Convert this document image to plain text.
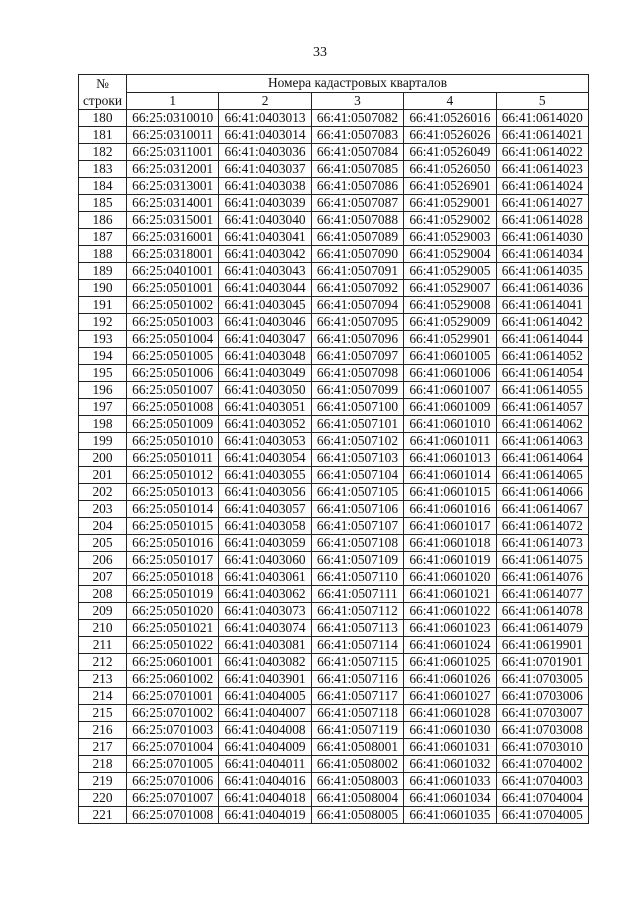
33
№
строки	Номера кадастровых кварталов				
	1	2	3	4	5
180	66:25:0310010	66:41:0403013	66:41:0507082	66:41:0526016	66:41:0614020
181	66:25:0310011	66:41:0403014	66:41:0507083	66:41:0526026	66:41:0614021
182	66:25:0311001	66:41:0403036	66:41:0507084	66:41:0526049	66:41:0614022
183	66:25:0312001	66:41:0403037	66:41:0507085	66:41:0526050	66:41:0614023
184	66:25:0313001	66:41:0403038	66:41:0507086	66:41:0526901	66:41:0614024
185	66:25:0314001	66:41:0403039	66:41:0507087	66:41:0529001	66:41:0614027
186	66:25:0315001	66:41:0403040	66:41:0507088	66:41:0529002	66:41:0614028
187	66:25:0316001	66:41:0403041	66:41:0507089	66:41:0529003	66:41:0614030
188	66:25:0318001	66:41:0403042	66:41:0507090	66:41:0529004	66:41:0614034
189	66:25:0401001	66:41:0403043	66:41:0507091	66:41:0529005	66:41:0614035
190	66:25:0501001	66:41:0403044	66:41:0507092	66:41:0529007	66:41:0614036
191	66:25:0501002	66:41:0403045	66:41:0507094	66:41:0529008	66:41:0614041
192	66:25:0501003	66:41:0403046	66:41:0507095	66:41:0529009	66:41:0614042
193	66:25:0501004	66:41:0403047	66:41:0507096	66:41:0529901	66:41:0614044
194	66:25:0501005	66:41:0403048	66:41:0507097	66:41:0601005	66:41:0614052
195	66:25:0501006	66:41:0403049	66:41:0507098	66:41:0601006	66:41:0614054
196	66:25:0501007	66:41:0403050	66:41:0507099	66:41:0601007	66:41:0614055
197	66:25:0501008	66:41:0403051	66:41:0507100	66:41:0601009	66:41:0614057
198	66:25:0501009	66:41:0403052	66:41:0507101	66:41:0601010	66:41:0614062
199	66:25:0501010	66:41:0403053	66:41:0507102	66:41:0601011	66:41:0614063
200	66:25:0501011	66:41:0403054	66:41:0507103	66:41:0601013	66:41:0614064
201	66:25:0501012	66:41:0403055	66:41:0507104	66:41:0601014	66:41:0614065
202	66:25:0501013	66:41:0403056	66:41:0507105	66:41:0601015	66:41:0614066
203	66:25:0501014	66:41:0403057	66:41:0507106	66:41:0601016	66:41:0614067
204	66:25:0501015	66:41:0403058	66:41:0507107	66:41:0601017	66:41:0614072
205	66:25:0501016	66:41:0403059	66:41:0507108	66:41:0601018	66:41:0614073
206	66:25:0501017	66:41:0403060	66:41:0507109	66:41:0601019	66:41:0614075
207	66:25:0501018	66:41:0403061	66:41:0507110	66:41:0601020	66:41:0614076
208	66:25:0501019	66:41:0403062	66:41:0507111	66:41:0601021	66:41:0614077
209	66:25:0501020	66:41:0403073	66:41:0507112	66:41:0601022	66:41:0614078
210	66:25:0501021	66:41:0403074	66:41:0507113	66:41:0601023	66:41:0614079
211	66:25:0501022	66:41:0403081	66:41:0507114	66:41:0601024	66:41:0619901
212	66:25:0601001	66:41:0403082	66:41:0507115	66:41:0601025	66:41:0701901
213	66:25:0601002	66:41:0403901	66:41:0507116	66:41:0601026	66:41:0703005
214	66:25:0701001	66:41:0404005	66:41:0507117	66:41:0601027	66:41:0703006
215	66:25:0701002	66:41:0404007	66:41:0507118	66:41:0601028	66:41:0703007
216	66:25:0701003	66:41:0404008	66:41:0507119	66:41:0601030	66:41:0703008
217	66:25:0701004	66:41:0404009	66:41:0508001	66:41:0601031	66:41:0703010
218	66:25:0701005	66:41:0404011	66:41:0508002	66:41:0601032	66:41:0704002
219	66:25:0701006	66:41:0404016	66:41:0508003	66:41:0601033	66:41:0704003
220	66:25:0701007	66:41:0404018	66:41:0508004	66:41:0601034	66:41:0704004
221	66:25:0701008	66:41:0404019	66:41:0508005	66:41:0601035	66:41:0704005
